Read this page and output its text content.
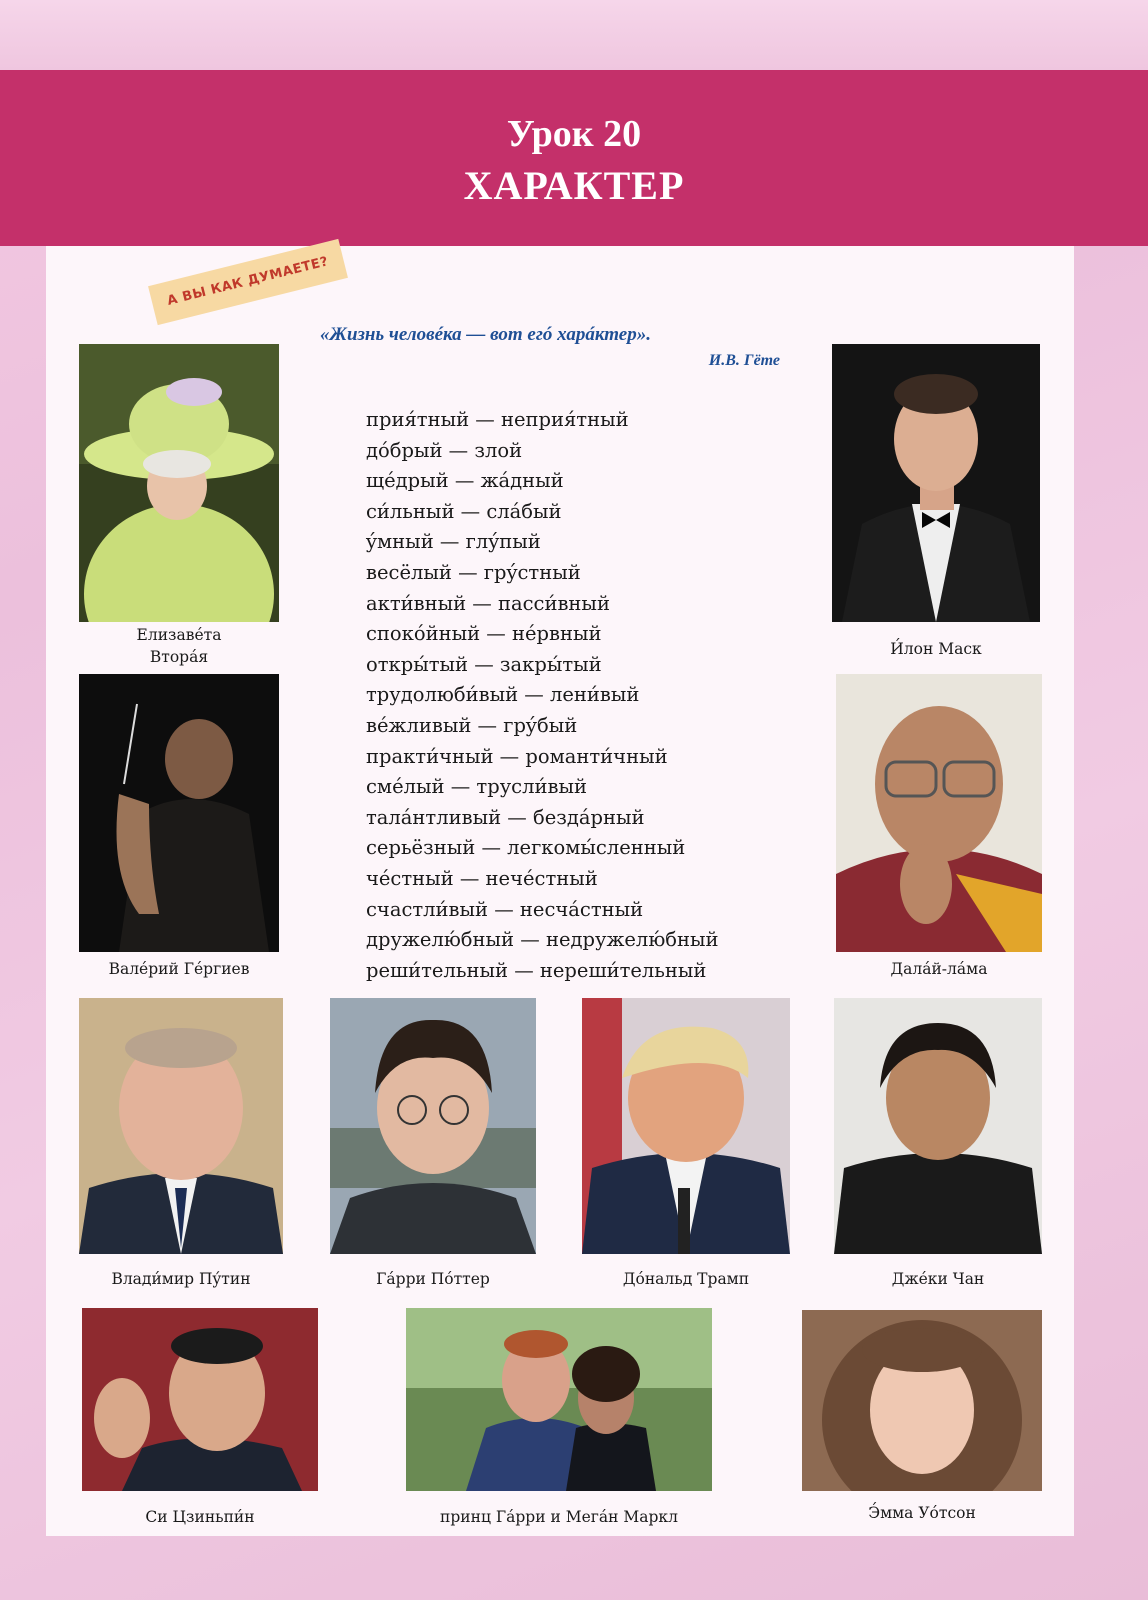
Урок 20
ХАРАКТЕР
А ВЫ КАК ДУМАЕТЕ?
«Жизнь человéка — вот егó харáктер».
И.В. Гёте
прия́тный — неприя́тный
дóбрый — злой
щéдрый — жáдный
си́льный — слáбый
ýмный — глýпый
весёлый — грýстный
акти́вный — пасси́вный
спокóйный — нéрвный
откры́тый — закры́тый
трудолюби́вый — лени́вый
вéжливый — грýбый
практи́чный — романти́чный
смéлый — трусли́вый
талáнтливый — бездáрный
серьёзный — легкомы́сленный
чéстный — нечéстный
счастли́вый — несчáстный
дружелю́бный — недружелю́бный
реши́тельный — нереши́тельный
Елизавéта
Вторáя	И́лон Маск
Валéрий Гéргиев	Далáй-лáма
Влади́мир Пýтин	Гáрри Пóттер	Дóнальд Трамп	Джéки Чан
Си Цзиньпи́н	принц Гáрри и Мегáн Маркл	Э́мма Уóтсон
